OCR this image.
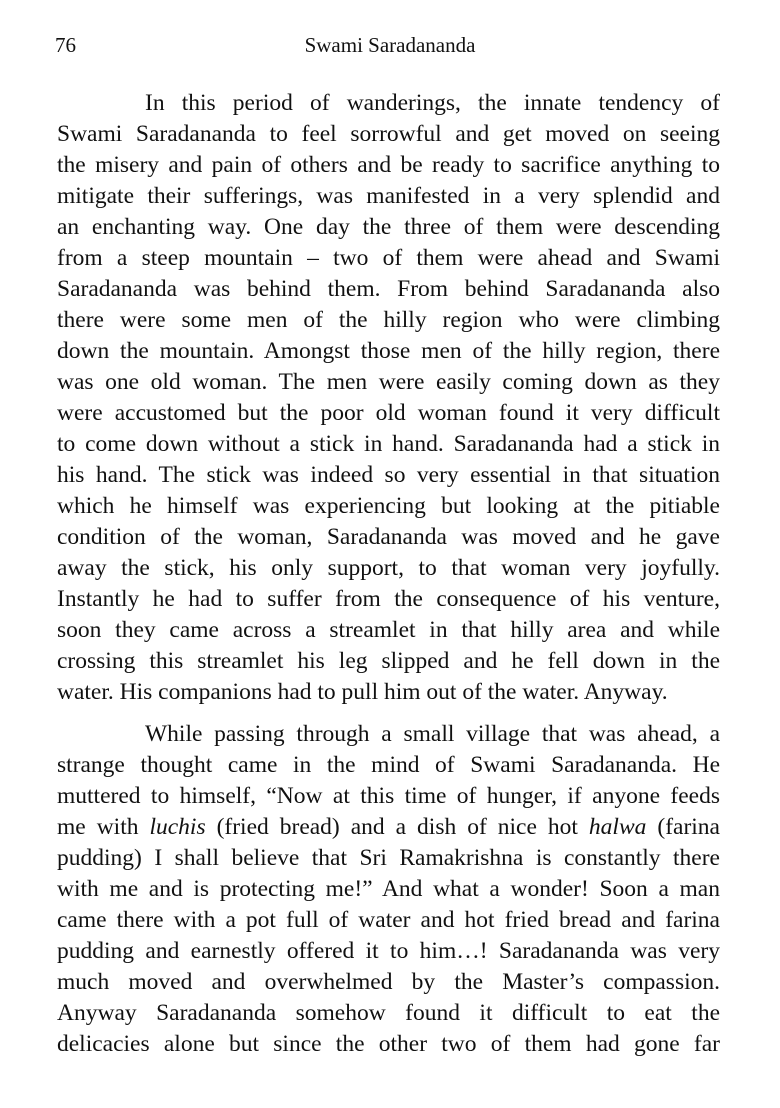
76	Swami Saradananda
In this period of wanderings, the innate tendency of
Swami Saradananda to feel sorrowful and get moved on seeing
the misery and pain of others and be ready to sacrifice anything to
mitigate their sufferings, was manifested in a very splendid and
an enchanting way. One day the three of them were descending
from a steep mountain – two of them were ahead and Swami
Saradananda was behind them. From behind Saradananda also
there were some men of the hilly region who were climbing
down the mountain. Amongst those men of the hilly region, there
was one old woman. The men were easily coming down as they
were accustomed but the poor old woman found it very difficult
to come down without a stick in hand. Saradananda had a stick in
his hand. The stick was indeed so very essential in that situation
which he himself was experiencing but looking at the pitiable
condition of the woman, Saradananda was moved and he gave
away the stick, his only support, to that woman very joyfully.
Instantly he had to suffer from the consequence of his venture,
soon they came across a streamlet in that hilly area and while
crossing this streamlet his leg slipped and he fell down in the
water. His companions had to pull him out of the water. Anyway.
While passing through a small village that was ahead, a
strange thought came in the mind of Swami Saradananda. He
muttered to himself, “Now at this time of hunger, if anyone feeds
me with luchis (fried bread) and a dish of nice hot halwa (farina
pudding) I shall believe that Sri Ramakrishna is constantly there
with me and is protecting me!” And what a wonder! Soon a man
came there with a pot full of water and hot fried bread and farina
pudding and earnestly offered it to him…! Saradananda was very
much moved and overwhelmed by the Master’s compassion.
Anyway Saradananda somehow found it difficult to eat the
delicacies alone but since the other two of them had gone far
